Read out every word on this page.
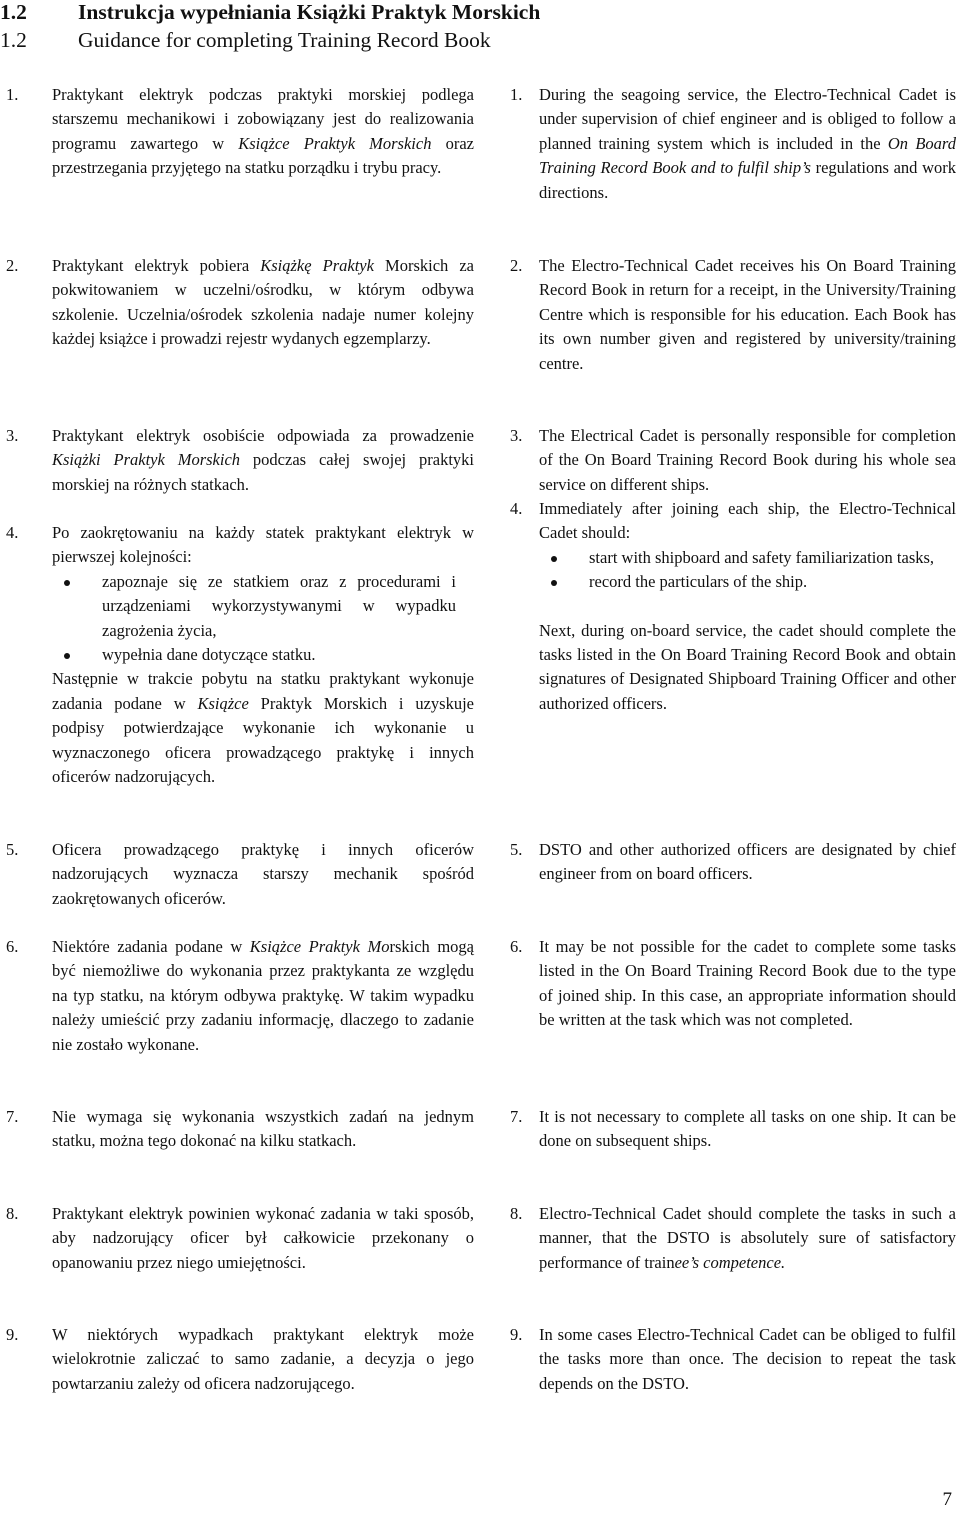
1.2 Instrukcja wypełniania Książki Praktyk Morskich
1.2 Guidance for completing Training Record Book
1. Praktykant elektryk podczas praktyki morskiej podlega starszemu mechanikowi i zobowiązany jest do realizowania programu zawartego w Książce Praktyk Morskich oraz przestrzegania przyjętego na statku porządku i trybu pracy.
2. Praktykant elektryk pobiera Książkę Praktyk Morskich za pokwitowaniem w uczelni/ośrodku, w którym odbywa szkolenie. Uczelnia/ośrodek szkolenia nadaje numer kolejny każdej książce i prowadzi rejestr wydanych egzemplarzy.
3. Praktykant elektryk osobiście odpowiada za prowadzenie Książki Praktyk Morskich podczas całej swojej praktyki morskiej na różnych statkach.
4. Po zaokrętowaniu na każdy statek praktykant elektryk w pierwszej kolejności:
zapoznaje się ze statkiem oraz z procedurami i urządzeniami wykorzystywanymi w wypadku zagrożenia życia,
wypełnia dane dotyczące statku.
Następnie w trakcie pobytu na statku praktykant wykonuje zadania podane w Książce Praktyk Morskich i uzyskuje podpisy potwierdzające wykonanie ich wykonanie u wyznaczonego oficera prowadzącego praktykę i innych oficerów nadzorujących.
5. Oficera prowadzącego praktykę i innych oficerów nadzorujących wyznacza starszy mechanik spośród zaokrętowanych oficerów.
6. Niektóre zadania podane w Książce Praktyk Morskich mogą być niemożliwe do wykonania przez praktykanta ze względu na typ statku, na którym odbywa praktykę. W takim wypadku należy umieścić przy zadaniu informację, dlaczego to zadanie nie zostało wykonane.
7. Nie wymaga się wykonania wszystkich zadań na jednym statku, można tego dokonać na kilku statkach.
8. Praktykant elektryk powinien wykonać zadania w taki sposób, aby nadzorujący oficer był całkowicie przekonany o opanowaniu przez niego umiejętności.
9. W niektórych wypadkach praktykant elektryk może wielokrotnie zaliczać to samo zadanie, a decyzja o jego powtarzaniu zależy od oficera nadzorującego.
1. During the seagoing service, the Electro-Technical Cadet is under supervision of chief engineer and is obliged to follow a planned training system which is included in the On Board Training Record Book and to fulfil ship’s regulations and work directions.
2. The Electro-Technical Cadet receives his On Board Training Record Book in return for a receipt, in the University/Training Centre which is responsible for his education. Each Book has its own number given and registered by university/training centre.
3. The Electrical Cadet is personally responsible for completion of the On Board Training Record Book during his whole sea service on different ships.
4. Immediately after joining each ship, the Electro-Technical Cadet should:
start with shipboard and safety familiarization tasks,
record the particulars of the ship.
Next, during on-board service, the cadet should complete the tasks listed in the On Board Training Record Book and obtain signatures of Designated Shipboard Training Officer and other authorized officers.
5. DSTO and other authorized officers are designated by chief engineer from on board officers.
6. It may be not possible for the cadet to complete some tasks listed in the On Board Training Record Book due to the type of joined ship. In this case, an appropriate information should be written at the task which was not completed.
7. It is not necessary to complete all tasks on one ship. It can be done on subsequent ships.
8. Electro-Technical Cadet should complete the tasks in such a manner, that the DSTO is absolutely sure of satisfactory performance of trainee’s competence.
9. In some cases Electro-Technical Cadet can be obliged to fulfil the tasks more than once. The decision to repeat the task depends on the DSTO.
7
